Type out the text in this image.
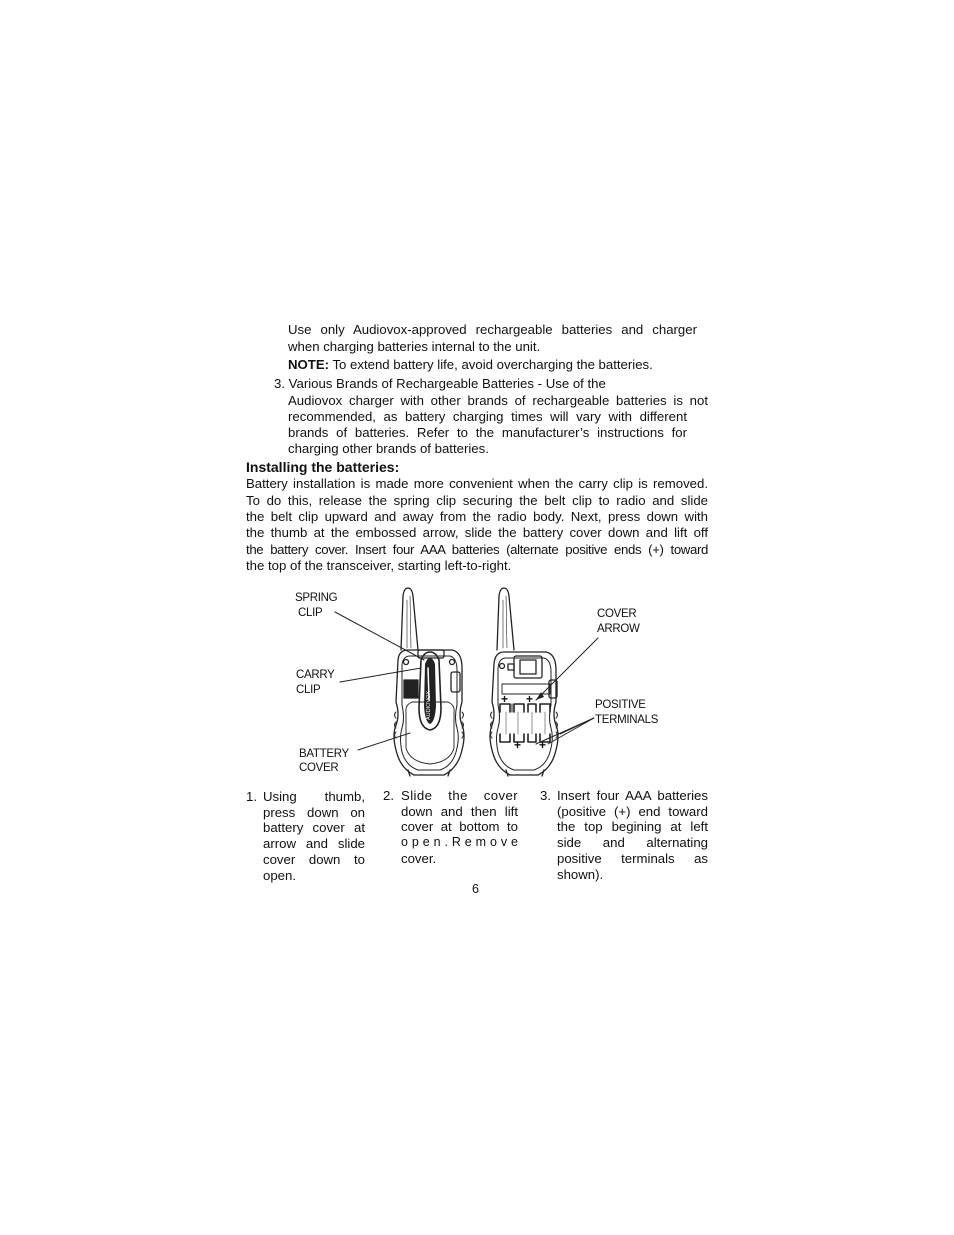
Use only Audiovox-approved rechargeable batteries and charger
when charging batteries internal to the unit.
NOTE: To extend battery life, avoid overcharging the batteries.
3. Various Brands of Rechargeable Batteries - Use of the
Audiovox charger with other brands of rechargeable batteries is not
recommended, as battery charging times will vary with different
brands of batteries. Refer to the manufacturer’s instructions for
charging other brands of batteries.
Installing the batteries:
Battery installation is made more convenient when the carry clip is removed.
To do this, release the spring clip securing the belt clip to radio and slide
the belt clip upward and away from the radio body. Next, press down with
the thumb at the embossed arrow, slide the battery cover down and lift off
the battery cover. Insert four AAA batteries (alternate positive ends (+) toward
the top of the transceiver, starting left-to-right.
AUDIOVOX	+ +
+ +
SPRING
CLIP
CARRY
CLIP
BATTERY
COVER
COVER
ARROW
POSITIVE
TERMINALS
1. Using thumb,
press down on
battery cover at
arrow and slide
cover down to
open.
2. Slide the cover
down and then lift
cover at bottom to
o p e n . R e m o v e
cover.
3. Insert four AAA batteries
(positive (+) end toward
the top begining at left
side and alternating
positive terminals as
shown).
6
